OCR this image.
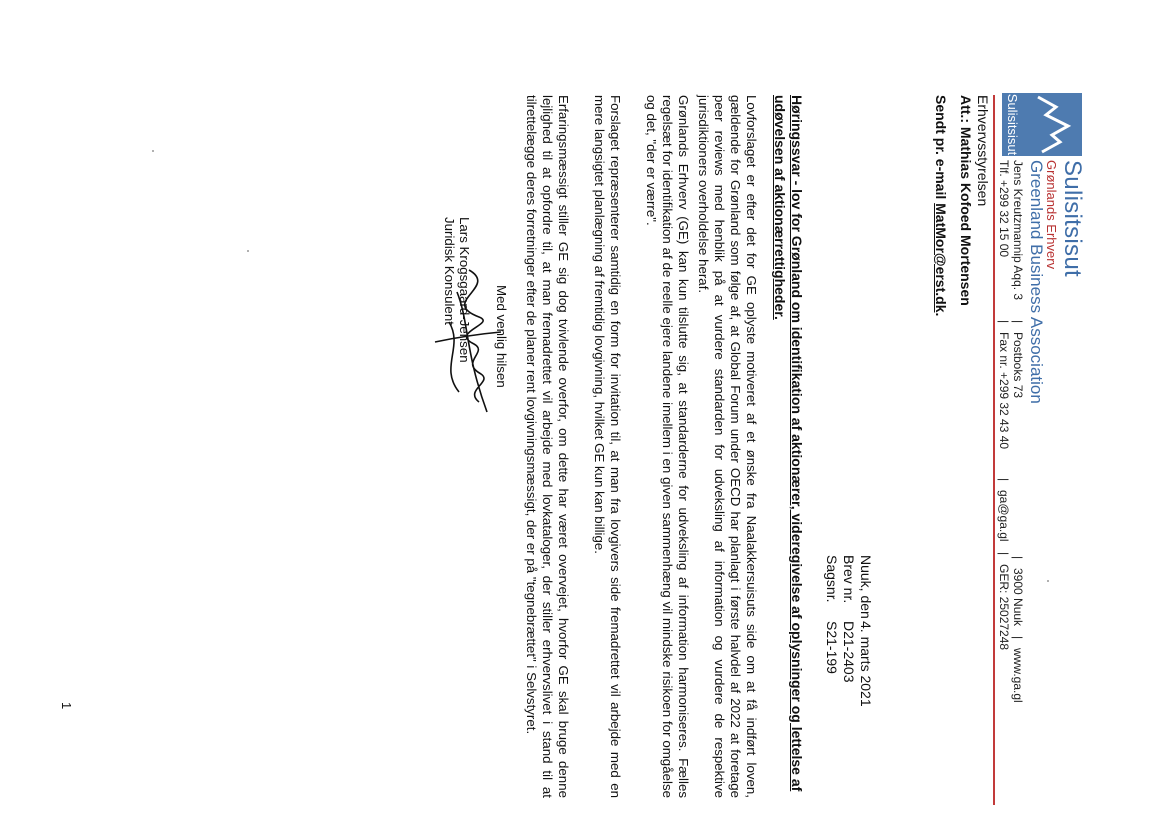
Sulisitsisut
Sulisitsisut
Grønlands Erhverv
Greenland Business Association
Jens Kreutzmannip Aqq. 3
|
Postboks 73
|
3900 Nuuk
|
www.ga.gl
Tlf. +299 32 15 00
|
Fax nr. +299 32 43 40
|
ga@ga.gl
|
GER: 25027248
Erhvervsstyrelsen
Att.: Mathias Kofoed Mortensen
Sendt pr. e-mail MatMor@erst.dk.
Nuuk, den
4. marts 2021
Brev nr.
D21-2403
Sagsnr.
S21-199
Høringssvar - lov for Grønland om identifikation af aktionærer, videregivelse af oplysninger og lettelse af udøvelsen af aktionærrettigheder.
Lovforslaget er efter det for GE oplyste motiveret af et ønske fra Naalakkersuisuts side om at få indført loven, gældende for Grønland som følge af, at Global Forum under OECD har planlagt i første halvdel af 2022 at foretage peer reviews med henblik på at vurdere standarden for udveksling af information og vurdere de respektive jurisdiktioners overholdelse heraf.
Grønlands Erhverv (GE) kan kun tilslutte sig, at standarderne for udveksling af information harmoniseres. Fælles regelsæt for identifikation af de reelle ejere landene imellem i en given sammenhæng vil mindske risikoen for omgåelse og det, "der er værre".
Forslaget repræsenterer samtidig en form for invitation til, at man fra lovgivers side fremadrettet vil arbejde med en mere langsigtet planlægning af fremtidig lovgivning, hvilket GE kun kan billige.
Erfaringsmæssigt stiller GE sig dog tvivlende overfor, om dette har været overvejet, hvorfor GE skal bruge denne lejlighed til at opfordre til, at man fremadrettet vil arbejde med lovkataloger, der stiller erhvervslivet i stand til at tilrettelægge deres forretninger efter de planer rent lovgivningsmæssigt, der er på "tegnebrættet" i Selvstyret.
Med venlig hilsen
Lars Krogsgaard-Jensen
Juridisk Konsulent
1
